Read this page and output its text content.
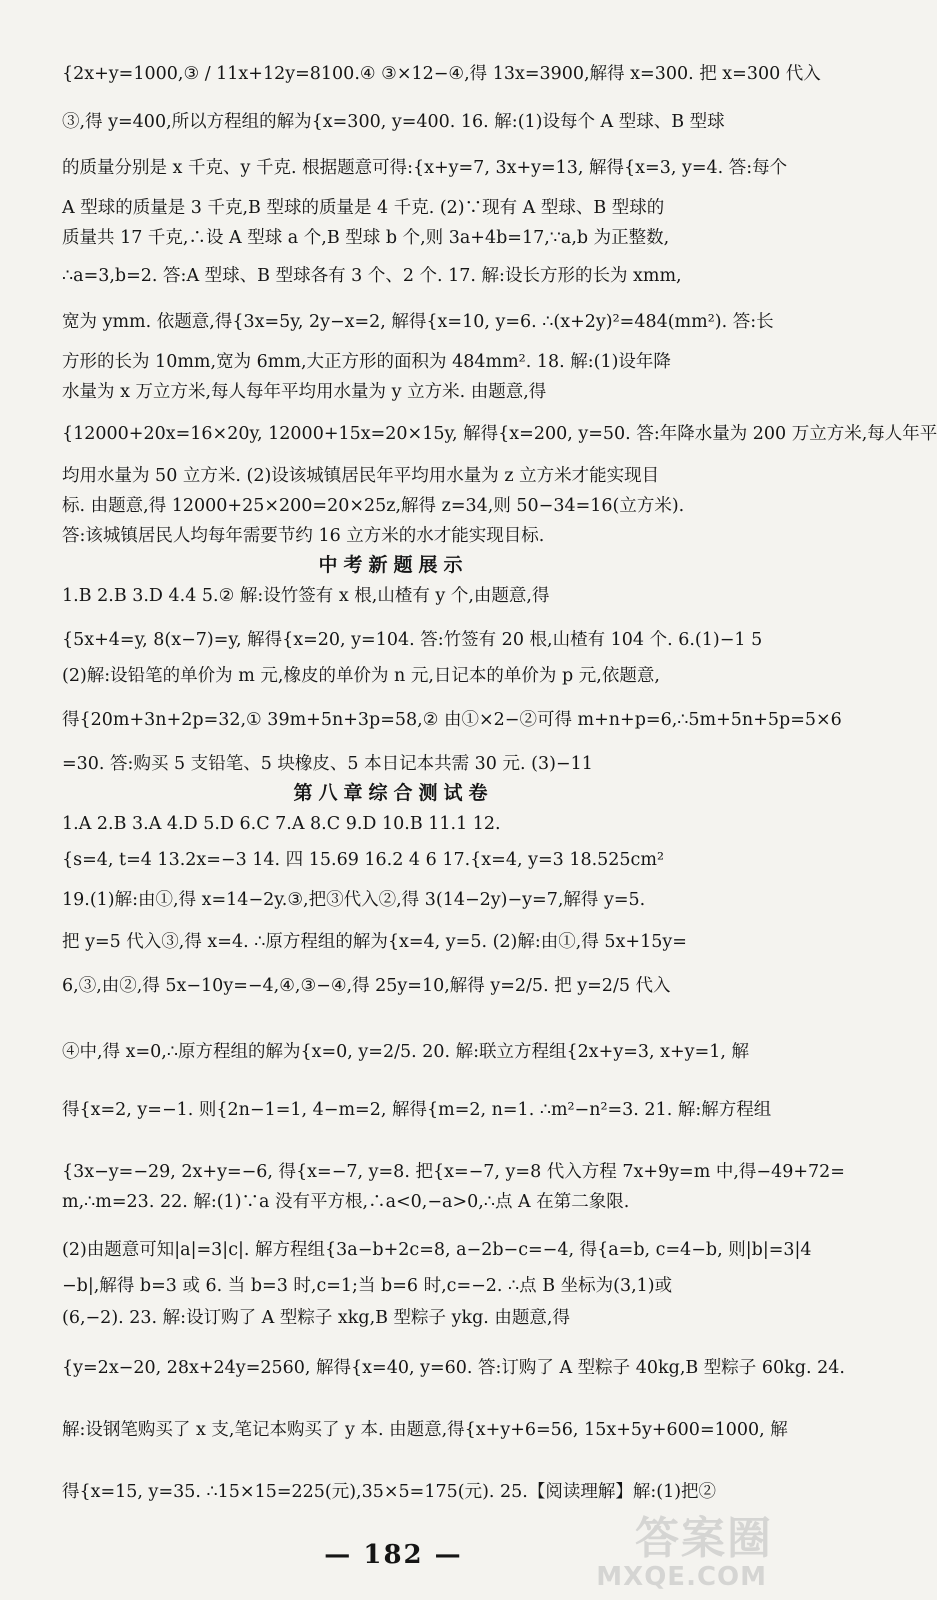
{2x+y=1000,③ / 11x+12y=8100.④ ③×12−④,得 13x=3900,解得 x=300. 把 x=300 代入
③,得 y=400,所以方程组的解为{x=300, y=400. 16. 解:(1)设每个 A 型球、B 型球
的质量分别是 x 千克、y 千克. 根据题意可得:{x+y=7, 3x+y=13, 解得{x=3, y=4. 答:每个
A 型球的质量是 3 千克,B 型球的质量是 4 千克. (2)∵现有 A 型球、B 型球的
质量共 17 千克,∴设 A 型球 a 个,B 型球 b 个,则 3a+4b=17,∵a,b 为正整数,
∴a=3,b=2. 答:A 型球、B 型球各有 3 个、2 个. 17. 解:设长方形的长为 xmm,
宽为 ymm. 依题意,得{3x=5y, 2y−x=2, 解得{x=10, y=6. ∴(x+2y)²=484(mm²). 答:长
方形的长为 10mm,宽为 6mm,大正方形的面积为 484mm². 18. 解:(1)设年降
水量为 x 万立方米,每人每年平均用水量为 y 立方米. 由题意,得
{12000+20x=16×20y, 12000+15x=20×15y, 解得{x=200, y=50. 答:年降水量为 200 万立方米,每人年平
均用水量为 50 立方米. (2)设该城镇居民年平均用水量为 z 立方米才能实现目
标. 由题意,得 12000+25×200=20×25z,解得 z=34,则 50−34=16(立方米).
答:该城镇居民人均每年需要节约 16 立方米的水才能实现目标.
中考新题展示
1.B 2.B 3.D 4.4 5.② 解:设竹签有 x 根,山楂有 y 个,由题意,得
{5x+4=y, 8(x−7)=y, 解得{x=20, y=104. 答:竹签有 20 根,山楂有 104 个. 6.(1)−1 5
(2)解:设铅笔的单价为 m 元,橡皮的单价为 n 元,日记本的单价为 p 元,依题意,
得{20m+3n+2p=32,① 39m+5n+3p=58,② 由①×2−②可得 m+n+p=6,∴5m+5n+5p=5×6
=30. 答:购买 5 支铅笔、5 块橡皮、5 本日记本共需 30 元. (3)−11
第八章综合测试卷
1.A 2.B 3.A 4.D 5.D 6.C 7.A 8.C 9.D 10.B 11.1 12.
{s=4, t=4 13.2x=−3 14. 四 15.69 16.2 4 6 17.{x=4, y=3 18.525cm²
19.(1)解:由①,得 x=14−2y.③,把③代入②,得 3(14−2y)−y=7,解得 y=5.
把 y=5 代入③,得 x=4. ∴原方程组的解为{x=4, y=5. (2)解:由①,得 5x+15y=
6,③,由②,得 5x−10y=−4,④,③−④,得 25y=10,解得 y=2/5. 把 y=2/5 代入
④中,得 x=0,∴原方程组的解为{x=0, y=2/5. 20. 解:联立方程组{2x+y=3, x+y=1, 解
得{x=2, y=−1. 则{2n−1=1, 4−m=2, 解得{m=2, n=1. ∴m²−n²=3. 21. 解:解方程组
{3x−y=−29, 2x+y=−6, 得{x=−7, y=8. 把{x=−7, y=8 代入方程 7x+9y=m 中,得−49+72=
m,∴m=23. 22. 解:(1)∵a 没有平方根,∴a<0,−a>0,∴点 A 在第二象限.
(2)由题意可知|a|=3|c|. 解方程组{3a−b+2c=8, a−2b−c=−4, 得{a=b, c=4−b, 则|b|=3|4
−b|,解得 b=3 或 6. 当 b=3 时,c=1;当 b=6 时,c=−2. ∴点 B 坐标为(3,1)或
(6,−2). 23. 解:设订购了 A 型粽子 xkg,B 型粽子 ykg. 由题意,得
{y=2x−20, 28x+24y=2560, 解得{x=40, y=60. 答:订购了 A 型粽子 40kg,B 型粽子 60kg. 24.
解:设钢笔购买了 x 支,笔记本购买了 y 本. 由题意,得{x+y+6=56, 15x+5y+600=1000, 解
得{x=15, y=35. ∴15×15=225(元),35×5=175(元). 25.【阅读理解】解:(1)把②
— 182 —	答案圈
MXQE.COM
